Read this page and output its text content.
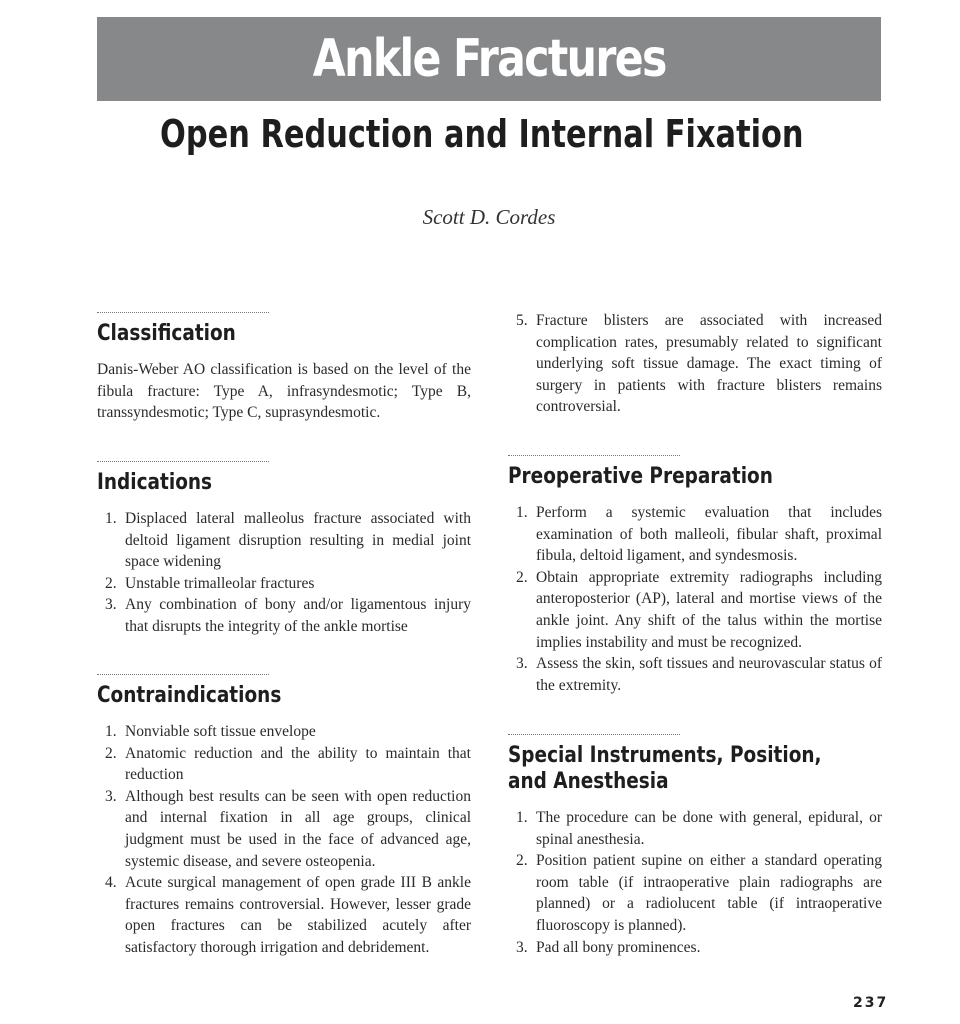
Ankle Fractures
Open Reduction and Internal Fixation
Scott D. Cordes
Classification

Danis-Weber AO classification is based on the level of the fibula fracture: Type A, infrasyndesmotic; Type B, transsyndesmotic; Type C, suprasyndesmotic.

Indications
1. Displaced lateral malleolus fracture associated with deltoid ligament disruption resulting in medial joint space widening
2. Unstable trimalleolar fractures
3. Any combination of bony and/or ligamentous injury that disrupts the integrity of the ankle mortise
Contraindications
1. Nonviable soft tissue envelope
2. Anatomic reduction and the ability to maintain that reduction
3. Although best results can be seen with open reduction and internal fixation in all age groups, clinical judgment must be used in the face of advanced age, systemic disease, and severe osteopenia.
4. Acute surgical management of open grade III B ankle fractures remains controversial. However, lesser grade open fractures can be stabilized acutely after satisfactory thorough irrigation and debridement.
5. Fracture blisters are associated with increased complication rates, presumably related to significant underlying soft tissue damage. The exact timing of surgery in patients with fracture blisters remains controversial.
Preoperative Preparation
1. Perform a systemic evaluation that includes examination of both malleoli, fibular shaft, proximal fibula, deltoid ligament, and syndesmosis.
2. Obtain appropriate extremity radiographs including anteroposterior (AP), lateral and mortise views of the ankle joint. Any shift of the talus within the mortise implies instability and must be recognized.
3. Assess the skin, soft tissues and neurovascular status of the extremity.
Special Instruments, Position,
and Anesthesia
1. The procedure can be done with general, epidural, or spinal anesthesia.
2. Position patient supine on either a standard operating room table (if intraoperative plain radiographs are planned) or a radiolucent table (if intraoperative fluoroscopy is planned).
3. Pad all bony prominences.
237
